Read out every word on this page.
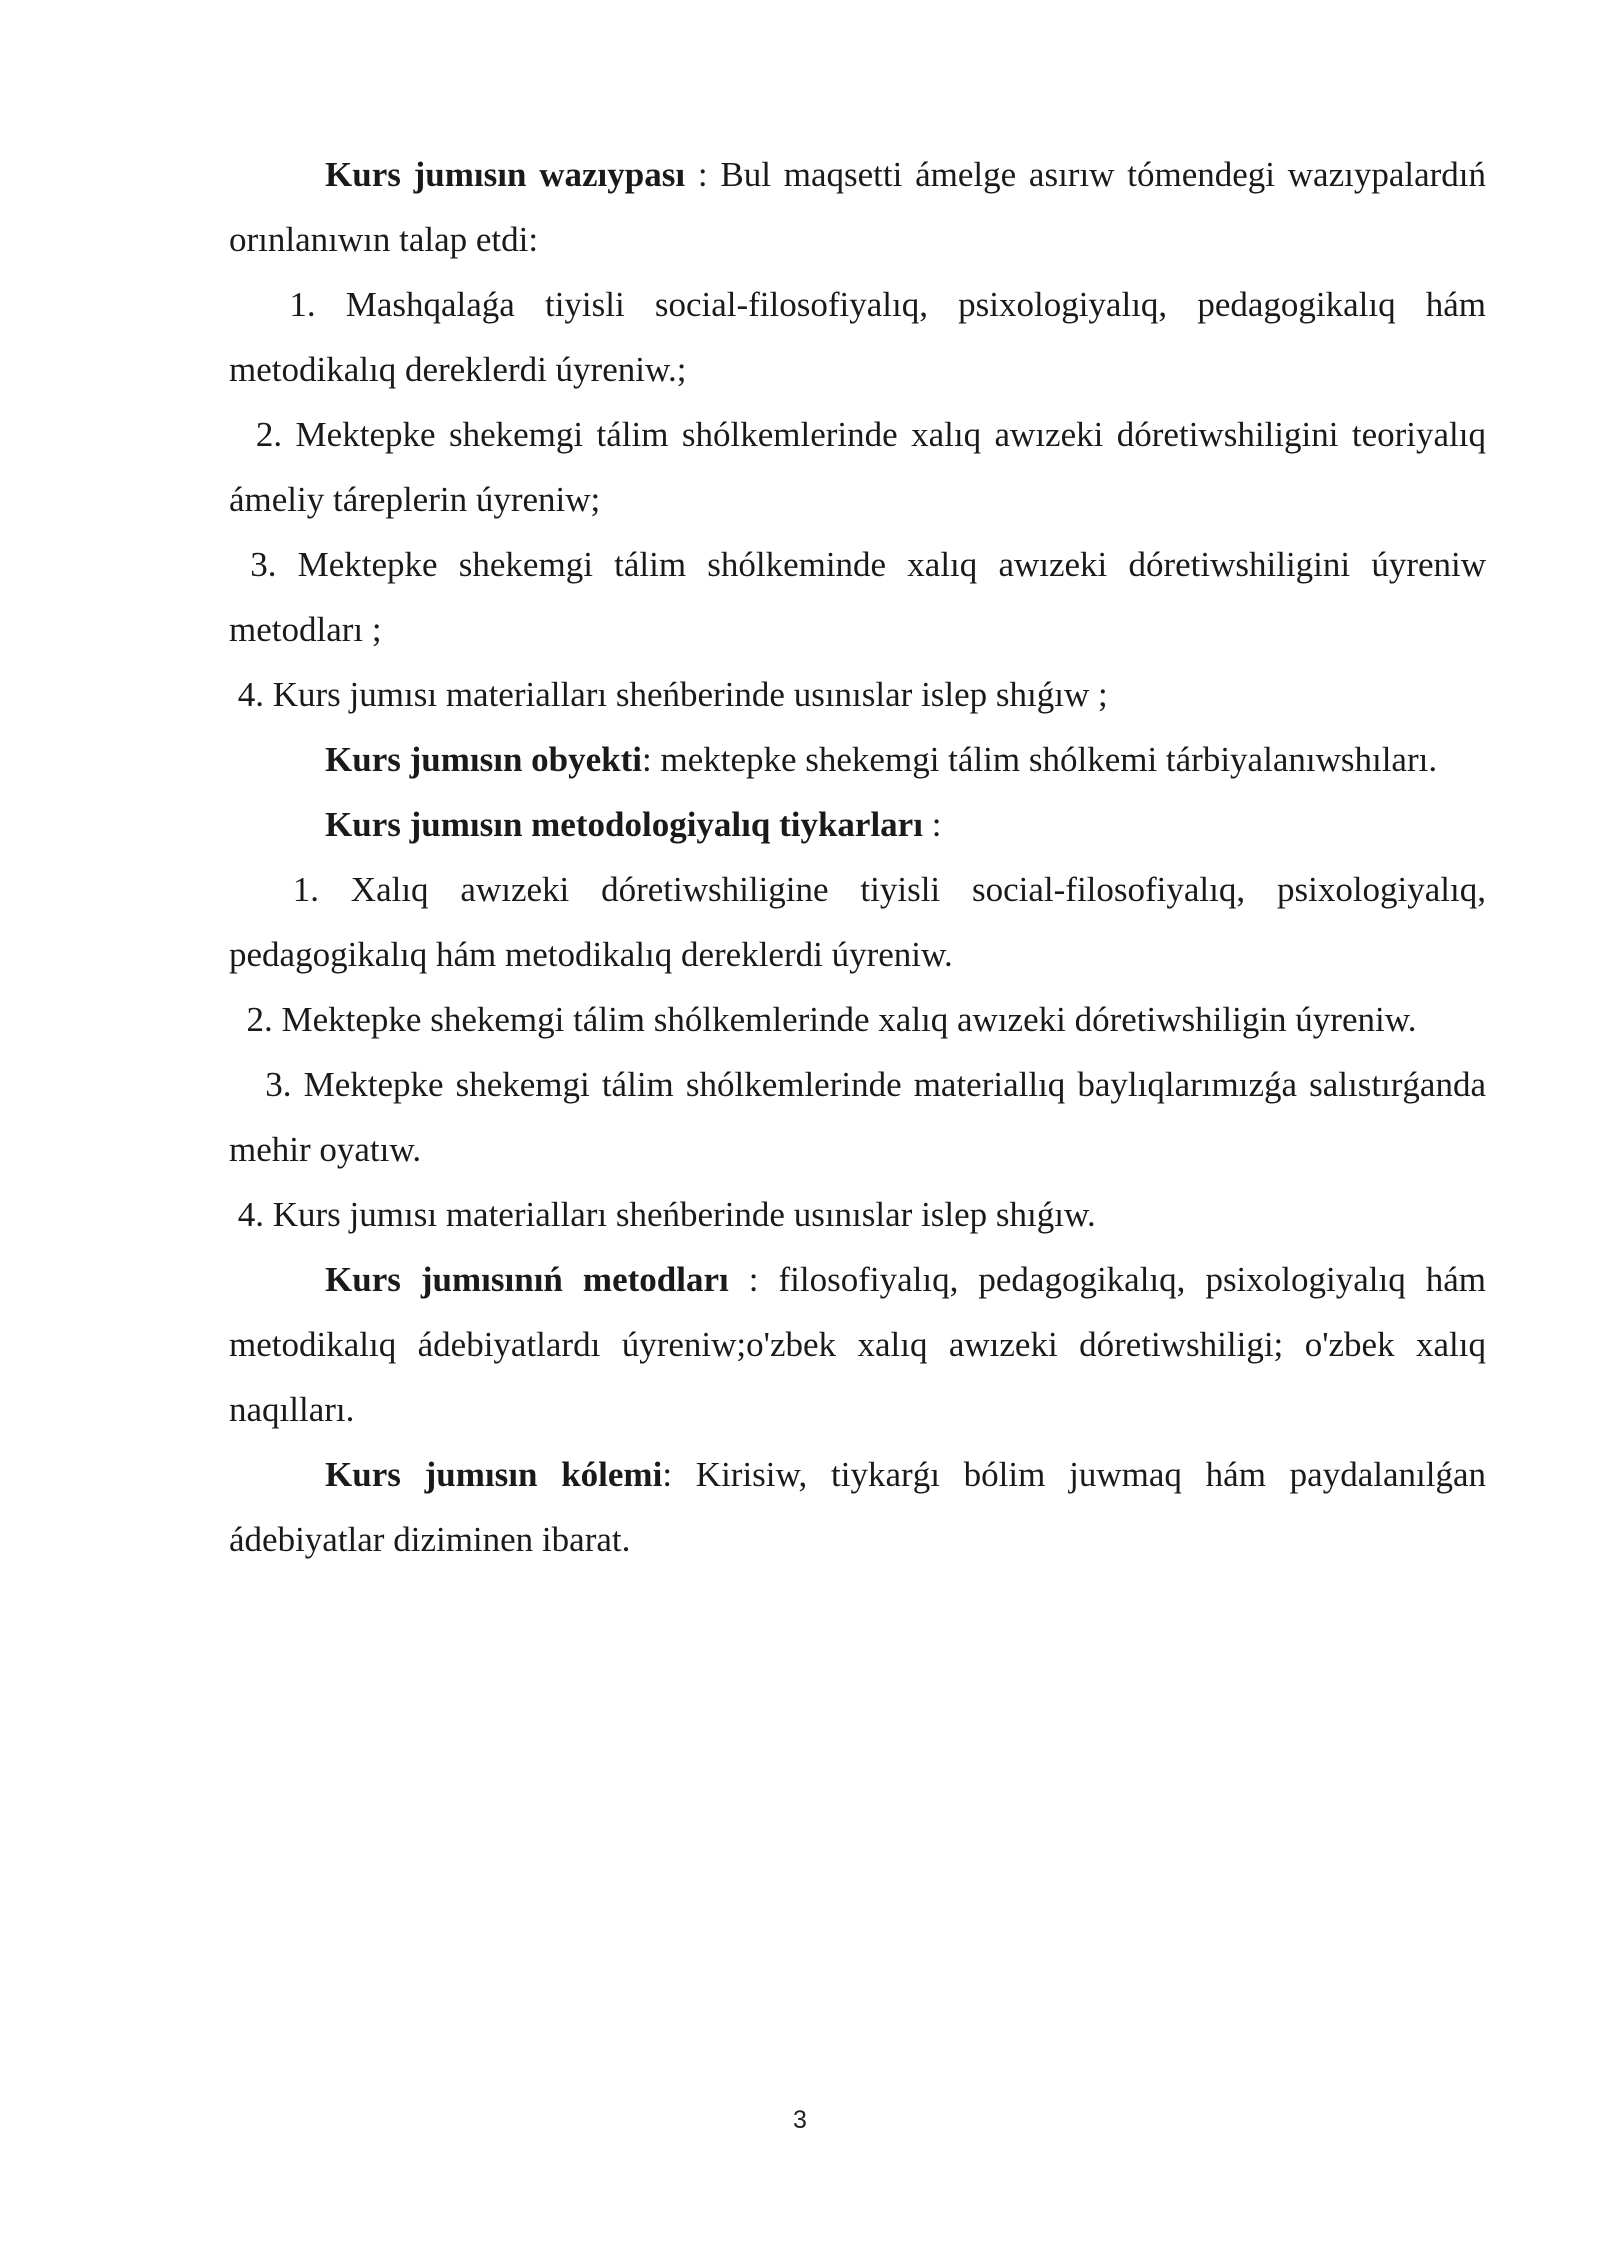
Kurs jumısın wazıypası : Bul maqsetti ámelge asırıw tómendegi wazıypalardıń orınlanıwın talap etdi:

1. Mashqalaǵa tiyisli social-filosofiyalıq, psixologiyalıq, pedagogikalıq hám metodikalıq dereklerdi úyreniw.;

2. Mektepke shekemgi tálim shólkemlerinde xalıq awızeki dóretiwshiligini teoriyalıq ámeliy táreplerin úyreniw;

3. Mektepke shekemgi tálim shólkeminde xalıq awızeki dóretiwshiligini úyreniw metodları ;

4. Kurs jumısı materialları sheńberinde usınıslar islep shıǵıw ;

Kurs jumısın obyekti: mektepke shekemgi tálim shólkemi tárbiyalanıwshıları.

Kurs jumısın metodologiyalıq tiykarları :

1. Xalıq awızeki dóretiwshiligine tiyisli social-filosofiyalıq, psixologiyalıq, pedagogikalıq hám metodikalıq dereklerdi úyreniw.

2. Mektepke shekemgi tálim shólkemlerinde xalıq awızeki dóretiwshiligin úyreniw.

3. Mektepke shekemgi tálim shólkemlerinde materiallıq baylıqlarımızǵa salıstırǵanda mehir oyatıw.

4. Kurs jumısı materialları sheńberinde usınıslar islep shıǵıw.

Kurs jumısınıń metodları : filosofiyalıq, pedagogikalıq, psixologiyalıq hám metodikalıq ádebiyatlardı úyreniw;o'zbek xalıq awızeki dóretiwshiligi; o'zbek xalıq naqılları.

Kurs jumısın kólemi: Kirisiw, tiykarǵı bólim juwmaq hám paydalanılǵan ádebiyatlar diziminen ibarat.

3
